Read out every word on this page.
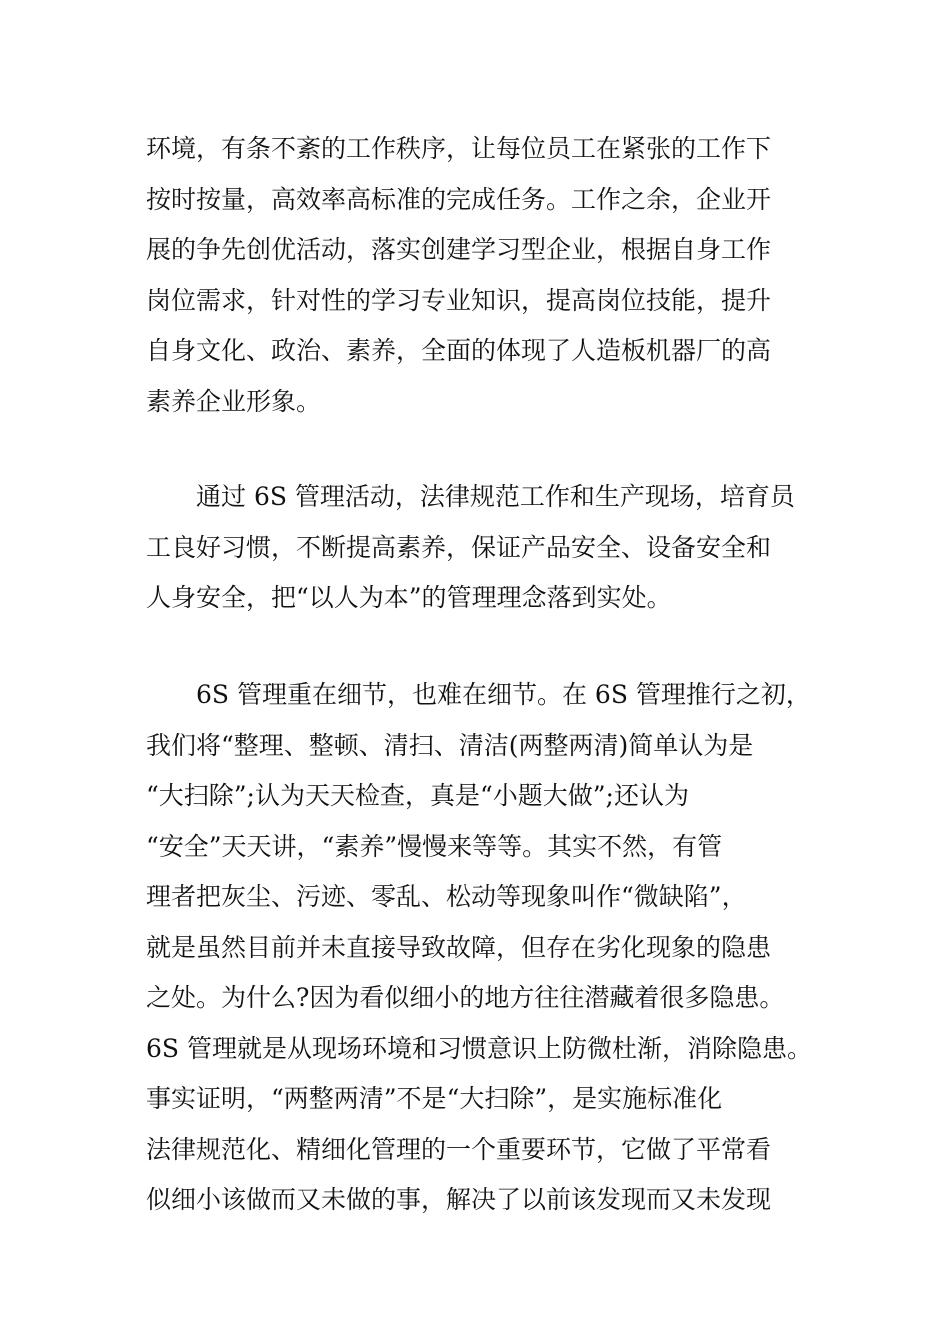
环境，有条不紊的工作秩序，让每位员工在紧张的工作下
按时按量，高效率高标准的完成任务。工作之余，企业开
展的争先创优活动，落实创建学习型企业，根据自身工作
岗位需求，针对性的学习专业知识，提高岗位技能，提升
自身文化、政治、素养，全面的体现了人造板机器厂的高
素养企业形象。
　　通过 6S 管理活动，法律规范工作和生产现场，培育员
工良好习惯，不断提高素养，保证产品安全、设备安全和
人身安全，把“以人为本”的管理理念落到实处。
　　6S 管理重在细节，也难在细节。在 6S 管理推行之初，
我们将“整理、整顿、清扫、清洁(两整两清)简单认为是
“大扫除”;认为天天检查，真是“小题大做”;还认为
“安全”天天讲，“素养”慢慢来等等。其实不然，有管
理者把灰尘、污迹、零乱、松动等现象叫作“微缺陷”，
就是虽然目前并未直接导致故障，但存在劣化现象的隐患
之处。为什么?因为看似细小的地方往往潜藏着很多隐患。
6S 管理就是从现场环境和习惯意识上防微杜渐，消除隐患。
事实证明，“两整两清”不是“大扫除”，是实施标准化
法律规范化、精细化管理的一个重要环节，它做了平常看
似细小该做而又未做的事，解决了以前该发现而又未发现
